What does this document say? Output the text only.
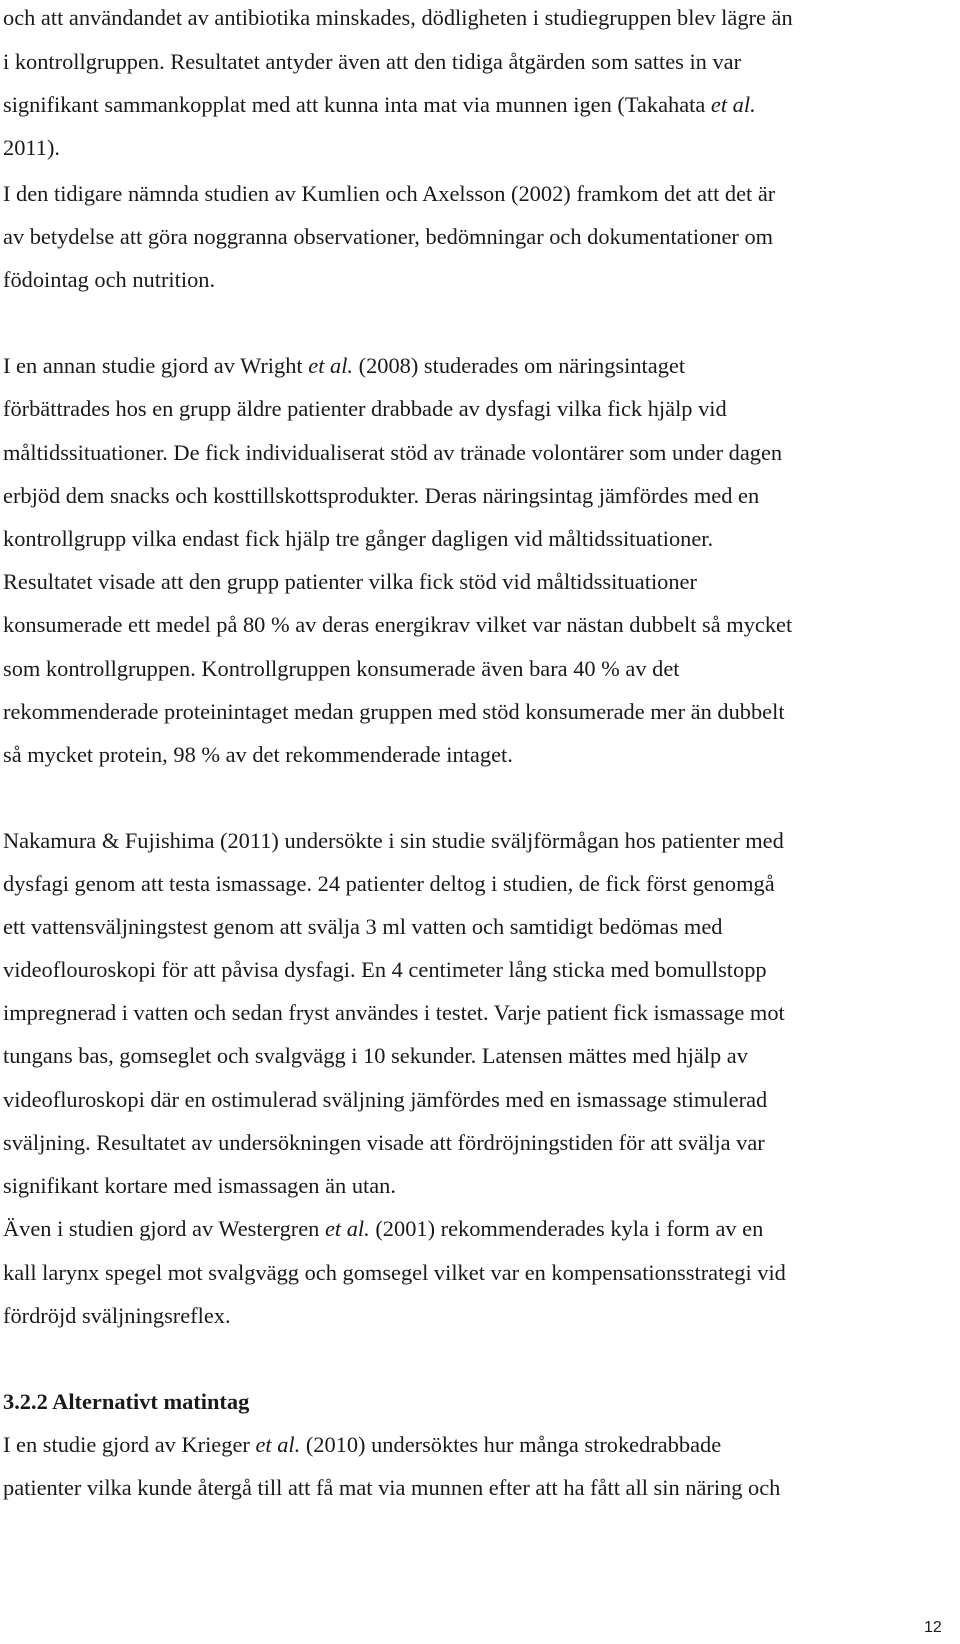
och att användandet av antibiotika minskades, dödligheten i studiegruppen blev lägre än
i kontrollgruppen. Resultatet antyder även att den tidiga åtgärden som sattes in var
signifikant sammankopplat med att kunna inta mat via munnen igen (Takahata et al.
2011).
I den tidigare nämnda studien av Kumlien och Axelsson (2002) framkom det att det är
av betydelse att göra noggranna observationer, bedömningar och dokumentationer om
födointag och nutrition.
I en annan studie gjord av Wright et al. (2008) studerades om näringsintaget
förbättrades hos en grupp äldre patienter drabbade av dysfagi vilka fick hjälp vid
måltidssituationer. De fick individualiserat stöd av tränade volontärer som under dagen
erbjöd dem snacks och kosttillskottsprodukter. Deras näringsintag jämfördes med en
kontrollgrupp vilka endast fick hjälp tre gånger dagligen vid måltidssituationer.
Resultatet visade att den grupp patienter vilka fick stöd vid måltidssituationer
konsumerade ett medel på 80 % av deras energikrav vilket var nästan dubbelt så mycket
som kontrollgruppen. Kontrollgruppen konsumerade även bara 40 % av det
rekommenderade proteinintaget medan gruppen med stöd konsumerade mer än dubbelt
så mycket protein, 98 % av det rekommenderade intaget.
Nakamura & Fujishima (2011) undersökte i sin studie sväljförmågan hos patienter med
dysfagi genom att testa ismassage. 24 patienter deltog i studien, de fick först genomgå
ett vattensväljningstest genom att svälja 3 ml vatten och samtidigt bedömas med
videoflouroskopi för att påvisa dysfagi. En 4 centimeter lång sticka med bomullstopp
impregnerad i vatten och sedan fryst användes i testet. Varje patient fick ismassage mot
tungans bas, gomseglet och svalgvägg i 10 sekunder. Latensen mättes med hjälp av
videofluroskopi där en ostimulerad sväljning jämfördes med en ismassage stimulerad
sväljning. Resultatet av undersökningen visade att fördröjningstiden för att svälja var
signifikant kortare med ismassagen än utan.
Även i studien gjord av Westergren et al. (2001) rekommenderades kyla i form av en
kall larynx spegel mot svalgvägg och gomsegel vilket var en kompensationsstrategi vid
fördröjd sväljningsreflex.
3.2.2 Alternativt matintag
I en studie gjord av Krieger et al. (2010) undersöktes hur många strokedrabbade
patienter vilka kunde återgå till att få mat via munnen efter att ha fått all sin näring och
12
